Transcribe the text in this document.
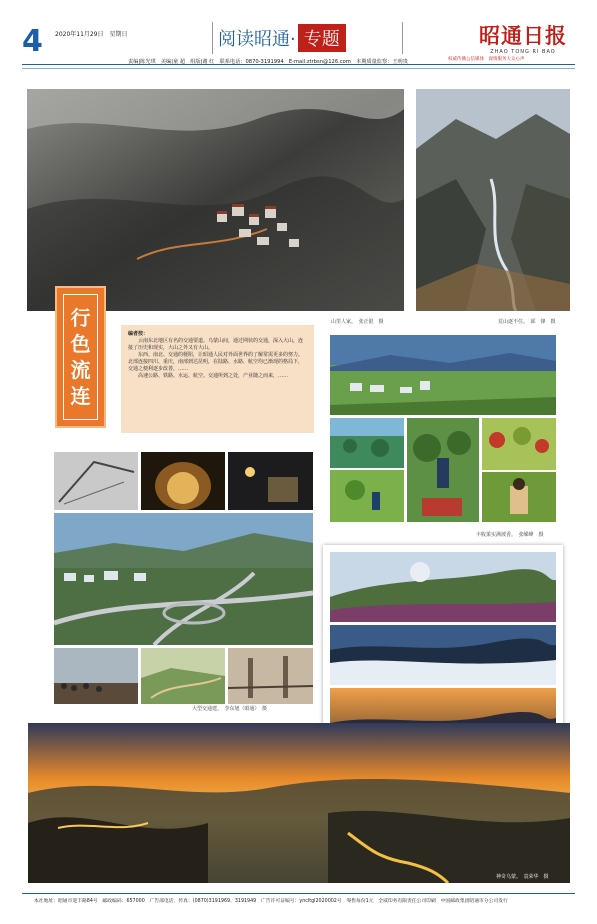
4 2020年11月29日　星期日	阅读昭通· 专题	昭通日报
ZHAO TONG RI BAO
权威传播公信媒体　深情服务大众心声
责编|陈光琪　美编|童 超　组版|谢 红　联系电话：0870-3191994　E-mail:ztrbsn@126.com　本期质量监察：王明贵
山里人家。　张正银　摄	荒山逐不住。　邱　锋　摄
行
色
流
连
编者按：
　　云南东北地区有名的交通要道。乌蒙山间，通过网状的交通，深入大山，连接了历史和现实，大山之外又有大山。
　　东西、南北、交通的梗阻，让昭通人民对外面世界的了解常需更多的努力。北部连接四川、重庆，南部到达昆明，在陆路、水路、航空均已渐现的格局下，交通之便利逐步改善，……
　　高速公路、铁路、水运、航空。交通所到之处，产业随之而来，……
丰收果实满坡香。　张嵘峰　摄
大型交通建。　李东旭（昭通）　摄
神奇乌蒙。　袁荣华　摄
本社地址：昭通市迎丰路84号　邮政编码：657000　广告部电话、传真：(0870)3191969、3191949　广告许可证编号：yncltgl2020002号　零售每份1元　全威印务有限责任公司印刷　中国邮政集团昭通市分公司发行
